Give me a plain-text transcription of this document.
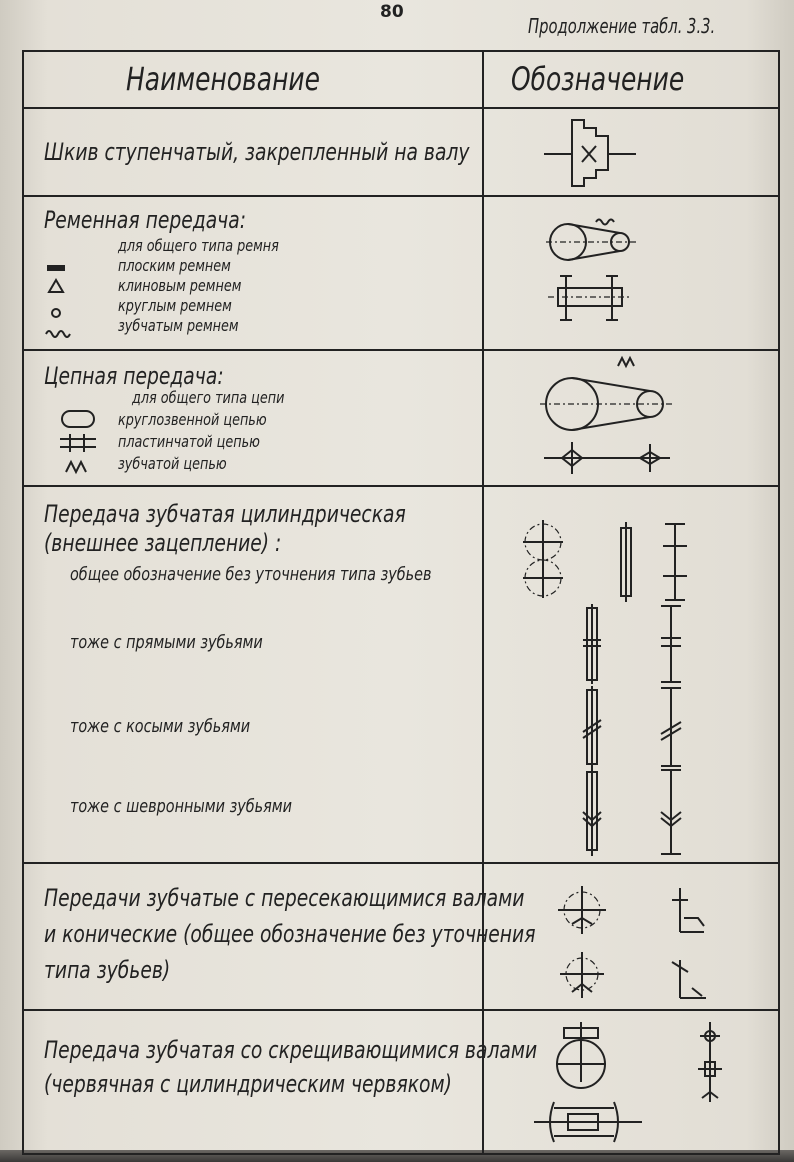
80
Продолжение табл. 3.3.
Наименование	Обозначение
Шкив ступенчатый, закрепленный на валу
Ременная передача:
для общего типа ремня
плоским ремнем
клиновым ремнем
круглым ремнем
зубчатым ремнем
Цепная передача:
для общего типа цепи
круглозвенной цепью
пластинчатой цепью
зубчатой цепью
Передача зубчатая цилиндрическая
(внешнее зацепление) :
общее обозначение без уточнения типа зубьев
тоже с прямыми зубьями
тоже с косыми зубьями
тоже с шевронными зубьями
Передачи зубчатые с пересекающимися валами
и конические (общее обозначение без уточнения
типа зубьев)
Передача зубчатая со скрещивающимися валами
(червячная с цилиндрическим червяком)
